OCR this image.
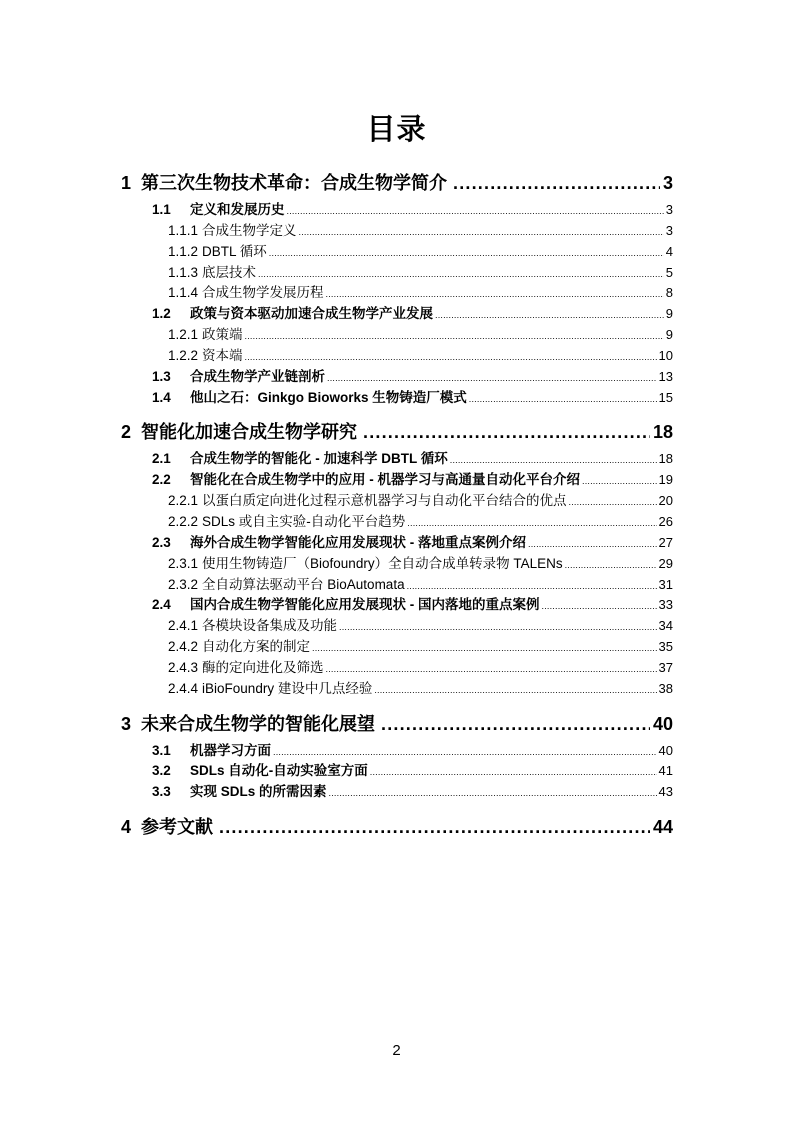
目录
1 第三次生物技术革命：合成生物学简介 .....	3
1.1	定义和发展历史 .....	3
1.1.1 合成生物学定义 .....	3
1.1.2 DBTL 循环 .....	4
1.1.3 底层技术 .....	5
1.1.4 合成生物学发展历程 .....	8
1.2	政策与资本驱动加速合成生物学产业发展 .....	9
1.2.1 政策端 .....	9
1.2.2 资本端 .....	10
1.3	合成生物学产业链剖析 .....	13
1.4	他山之石：Ginkgo Bioworks 生物铸造厂模式 .....	15
2 智能化加速合成生物学研究 .....	18
2.1	合成生物学的智能化 - 加速科学 DBTL 循环 .....	18
2.2	智能化在合成生物学中的应用 - 机器学习与高通量自动化平台介绍 .....	19
2.2.1 以蛋白质定向进化过程示意机器学习与自动化平台结合的优点 .....	20
2.2.2 SDLs 或自主实验-自动化平台趋势 .....	26
2.3	海外合成生物学智能化应用发展现状 - 落地重点案例介绍 .....	27
2.3.1 使用生物铸造厂（Biofoundry）全自动合成单转录物 TALENs .....	29
2.3.2 全自动算法驱动平台 BioAutomata .....	31
2.4	国内合成生物学智能化应用发展现状 - 国内落地的重点案例 .....	33
2.4.1 各模块设备集成及功能 .....	34
2.4.2 自动化方案的制定 .....	35
2.4.3 酶的定向进化及筛选 .....	37
2.4.4 iBioFoundry 建设中几点经验 .....	38
3 未来合成生物学的智能化展望 .....	40
3.1	机器学习方面 .....	40
3.2	SDLs 自动化-自动实验室方面 .....	41
3.3	实现 SDLs 的所需因素 .....	43
4 参考文献 .....	44
2
